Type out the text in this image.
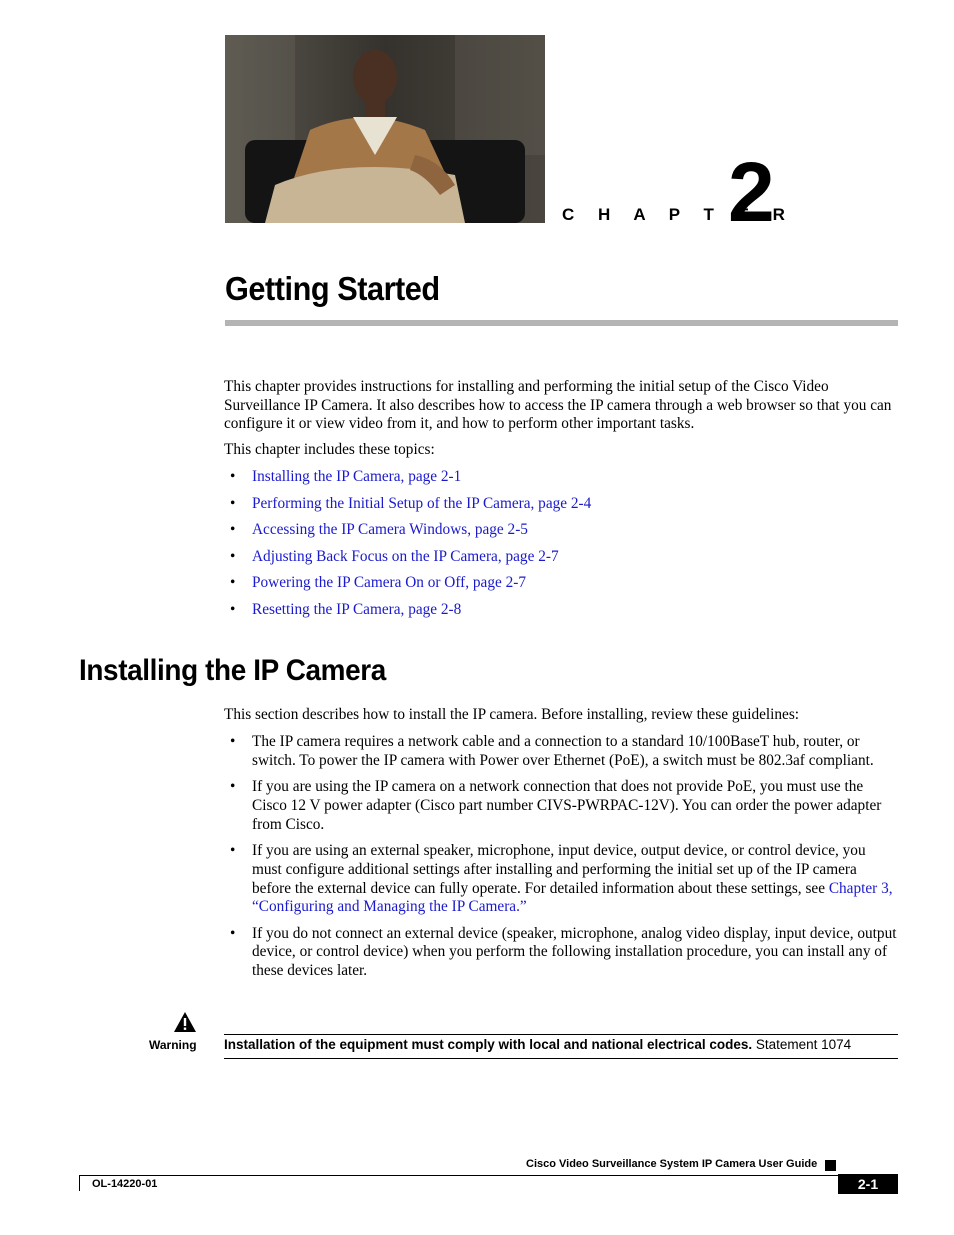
C H A P T E R
2
Getting Started

This chapter provides instructions for installing and performing the initial setup of the Cisco Video Surveillance IP Camera. It also describes how to access the IP camera through a web browser so that you can configure it or view video from it, and how to perform other important tasks.

This chapter includes these topics:

• Installing the IP Camera, page 2-1
• Performing the Initial Setup of the IP Camera, page 2-4
• Accessing the IP Camera Windows, page 2-5
• Adjusting Back Focus on the IP Camera, page 2-7
• Powering the IP Camera On or Off, page 2-7
• Resetting the IP Camera, page 2-8
Installing the IP Camera

This section describes how to install the IP camera. Before installing, review these guidelines:

• The IP camera requires a network cable and a connection to a standard 10/100BaseT hub, router, or switch. To power the IP camera with Power over Ethernet (PoE), a switch must be 802.3af compliant.
• If you are using the IP camera on a network connection that does not provide PoE, you must use the Cisco 12 V power adapter (Cisco part number CIVS-PWRPAC-12V). You can order the power adapter from Cisco.
• If you are using an external speaker, microphone, input device, output device, or control device, you must configure additional settings after installing and performing the initial set up of the IP camera before the external device can fully operate. For detailed information about these settings, see Chapter 3, “Configuring and Managing the IP Camera.”
• If you do not connect an external device (speaker, microphone, analog video display, input device, output device, or control device) when you perform the following installation procedure, you can install any of these devices later.
Warning Installation of the equipment must comply with local and national electrical codes. Statement 1074
Cisco Video Surveillance System IP Camera User Guide
OL-14220-01	2-1
